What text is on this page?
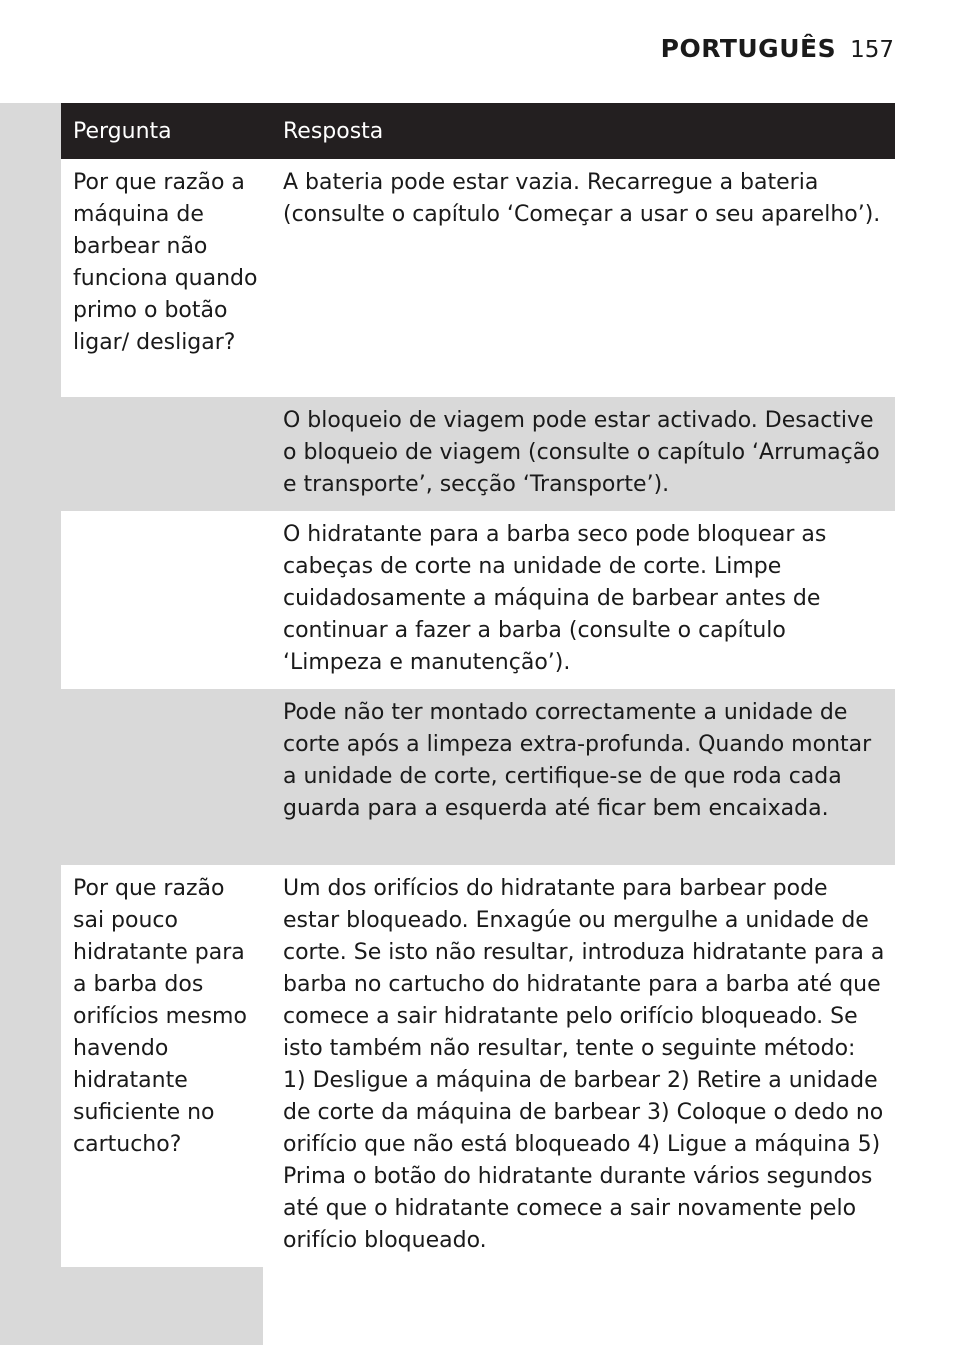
PORTUGUÊS 157
Pergunta	Resposta
Por que razão a máquina de barbear não funciona quando primo o botão ligar/ desligar?	A bateria pode estar vazia. Recarregue a bateria (consulte o capítulo ‘Começar a usar o seu aparelho’).
	O bloqueio de viagem pode estar activado. Desactive o bloqueio de viagem (consulte o capítulo ‘Arrumação e transporte’, secção ‘Transporte’).
	O hidratante para a barba seco pode bloquear as cabeças de corte na unidade de corte. Limpe cuidadosamente a máquina de barbear antes de continuar a fazer a barba (consulte o capítulo ‘Limpeza e manutenção’).
	Pode não ter montado correctamente a unidade de corte após a limpeza extra-profunda. Quando montar a unidade de corte, certifique-se de que roda cada guarda para a esquerda até ficar bem encaixada.
Por que razão sai pouco hidratante para a barba dos orifícios mesmo havendo hidratante suficiente no cartucho?	Um dos orifícios do hidratante para barbear pode estar bloqueado. Enxagúe ou mergulhe a unidade de corte. Se isto não resultar, introduza hidratante para a barba no cartucho do hidratante para a barba até que comece a sair hidratante pelo orifício bloqueado. Se isto também não resultar, tente o seguinte método: 1) Desligue a máquina de barbear 2) Retire a unidade de corte da máquina de barbear 3) Coloque o dedo no orifício que não está bloqueado 4) Ligue a máquina 5) Prima o botão do hidratante durante vários segundos até que o hidratante comece a sair novamente pelo orifício bloqueado.
